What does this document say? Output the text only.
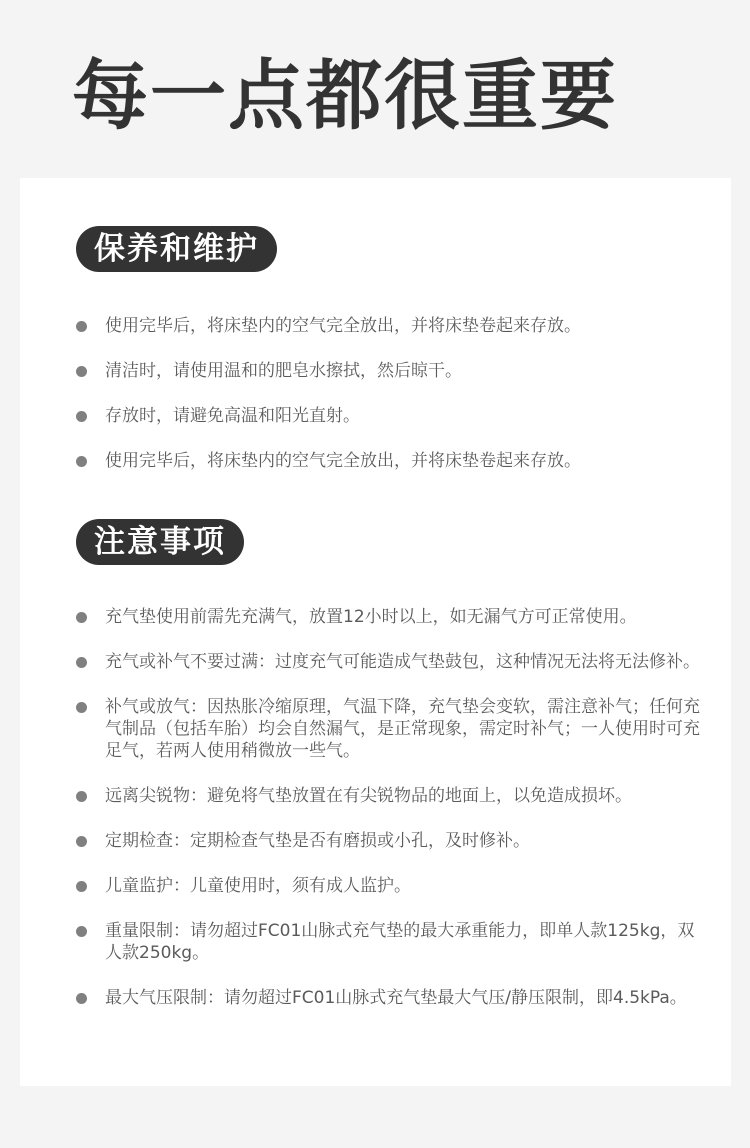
每一点都很重要
保养和维护
使用完毕后，将床垫内的空气完全放出，并将床垫卷起来存放。
清洁时，请使用温和的肥皂水擦拭，然后晾干。
存放时，请避免高温和阳光直射。
使用完毕后，将床垫内的空气完全放出，并将床垫卷起来存放。
注意事项
充气垫使用前需先充满气，放置12小时以上，如无漏气方可正常使用。
充气或补气不要过满：过度充气可能造成气垫鼓包，这种情况无法将无法修补。
补气或放气：因热胀冷缩原理，气温下降，充气垫会变软，需注意补气；任何充气制品（包括车胎）均会自然漏气，是正常现象，需定时补气；一人使用时可充足气，若两人使用稍微放一些气。
远离尖锐物：避免将气垫放置在有尖锐物品的地面上，以免造成损坏。
定期检查：定期检查气垫是否有磨损或小孔，及时修补。
儿童监护：儿童使用时，须有成人监护。
重量限制：请勿超过FC01山脉式充气垫的最大承重能力，即单人款125kg，双人款250kg。
最大气压限制：请勿超过FC01山脉式充气垫最大气压/静压限制，即4.5kPa。
